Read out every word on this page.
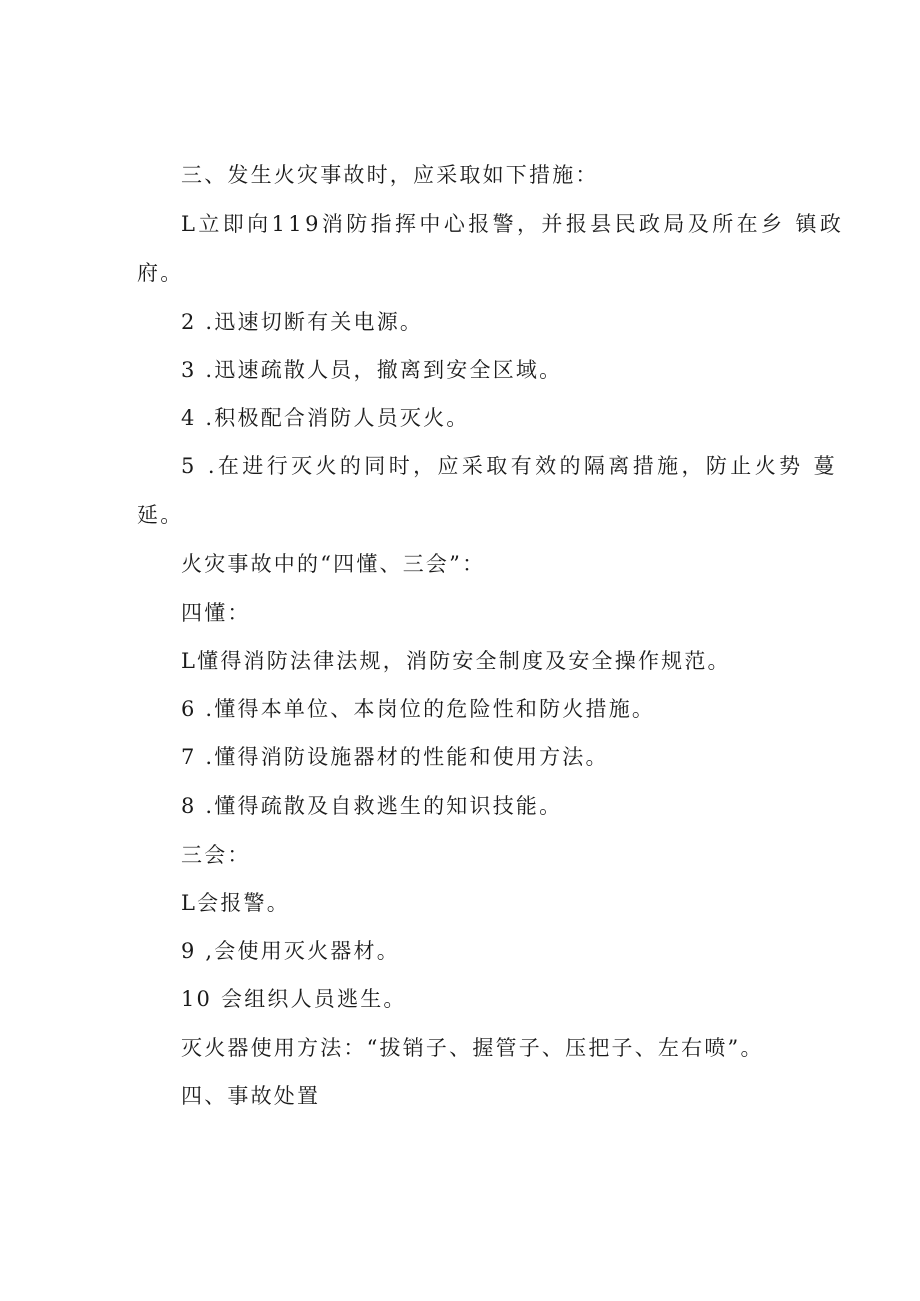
三、发生火灾事故时，应采取如下措施：
L立即向119消防指挥中心报警，并报县民政局及所在乡 镇政
府。
2 .迅速切断有关电源。
3 .迅速疏散人员，撤离到安全区域。
4 .积极配合消防人员灭火。
5 .在进行灭火的同时，应采取有效的隔离措施，防止火势 蔓
延。
火灾事故中的“四懂、三会”：
四懂：
L懂得消防法律法规，消防安全制度及安全操作规范。
6 .懂得本单位、本岗位的危险性和防火措施。
7 .懂得消防设施器材的性能和使用方法。
8 .懂得疏散及自救逃生的知识技能。
三会：
L会报警。
9 ,会使用灭火器材。
10 会组织人员逃生。
灭火器使用方法：“拔销子、握管子、压把子、左右喷”。
四、事故处置
